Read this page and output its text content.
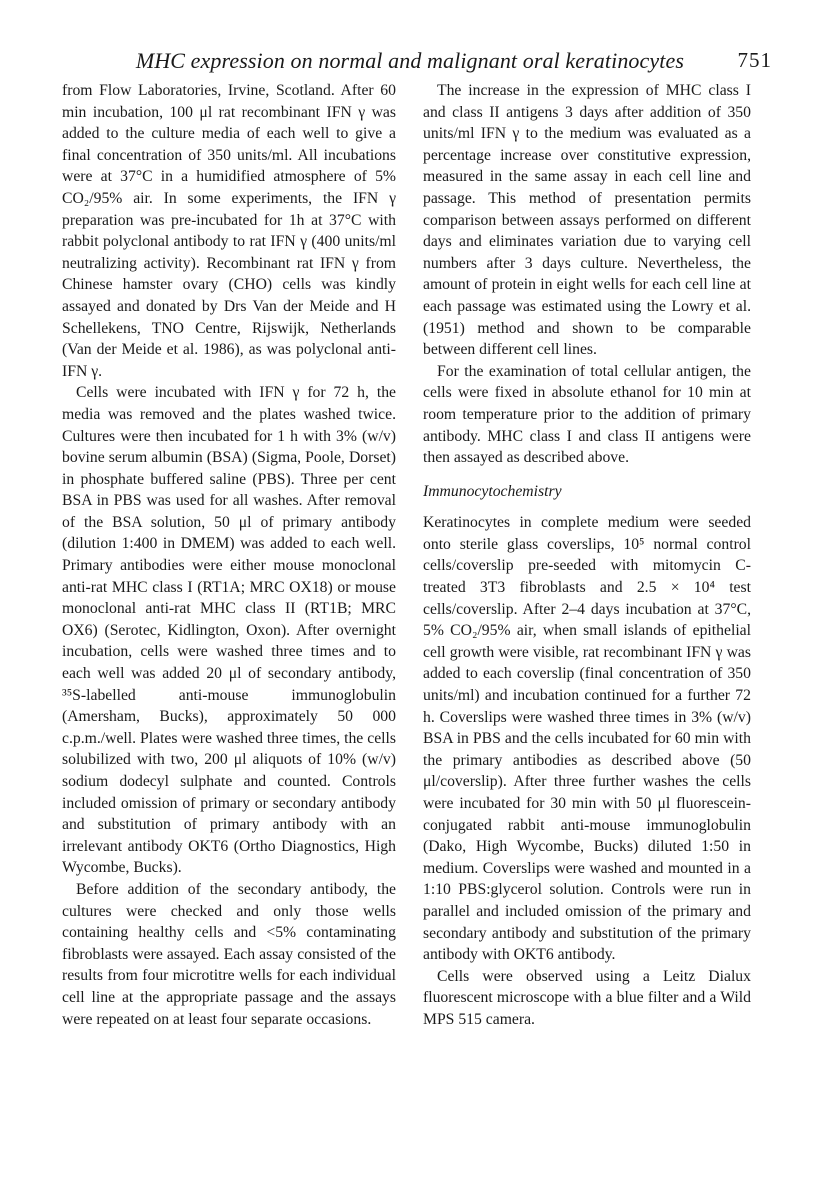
MHC expression on normal and malignant oral keratinocytes	751

from Flow Laboratories, Irvine, Scotland. After 60 min incubation, 100 μl rat recombinant IFN γ was added to the culture media of each well to give a final concentration of 350 units/ml. All incubations were at 37°C in a humidified atmosphere of 5% CO₂/95% air. In some experiments, the IFN γ preparation was pre-incubated for 1h at 37°C with rabbit polyclonal antibody to rat IFN γ (400 units/ml neutralizing activity). Recombinant rat IFN γ from Chinese hamster ovary (CHO) cells was kindly assayed and donated by Drs Van der Meide and H Schellekens, TNO Centre, Rijswijk, Netherlands (Van der Meide et al. 1986), as was polyclonal anti-IFN γ.

Cells were incubated with IFN γ for 72 h, the media was removed and the plates washed twice. Cultures were then incubated for 1 h with 3% (w/v) bovine serum albumin (BSA) (Sigma, Poole, Dorset) in phosphate buffered saline (PBS). Three per cent BSA in PBS was used for all washes. After removal of the BSA solution, 50 μl of primary antibody (dilution 1:400 in DMEM) was added to each well. Primary antibodies were either mouse monoclonal anti-rat MHC class I (RT1A; MRC OX18) or mouse monoclonal anti-rat MHC class II (RT1B; MRC OX6) (Serotec, Kidlington, Oxon). After overnight incubation, cells were washed three times and to each well was added 20 μl of secondary antibody, ³⁵S-labelled anti-mouse immunoglobulin (Amersham, Bucks), approximately 50 000 c.p.m./well. Plates were washed three times, the cells solubilized with two, 200 μl aliquots of 10% (w/v) sodium dodecyl sulphate and counted. Controls included omission of primary or secondary antibody and substitution of primary antibody with an irrelevant antibody OKT6 (Ortho Diagnostics, High Wycombe, Bucks).

Before addition of the secondary antibody, the cultures were checked and only those wells containing healthy cells and <5% contaminating fibroblasts were assayed. Each assay consisted of the results from four microtitre wells for each individual cell line at the appropriate passage and the assays were repeated on at least four separate occasions.

The increase in the expression of MHC class I and class II antigens 3 days after addition of 350 units/ml IFN γ to the medium was evaluated as a percentage increase over constitutive expression, measured in the same assay in each cell line and passage. This method of presentation permits comparison between assays performed on different days and eliminates variation due to varying cell numbers after 3 days culture. Nevertheless, the amount of protein in eight wells for each cell line at each passage was estimated using the Lowry et al. (1951) method and shown to be comparable between different cell lines.

For the examination of total cellular antigen, the cells were fixed in absolute ethanol for 10 min at room temperature prior to the addition of primary antibody. MHC class I and class II antigens were then assayed as described above.

Immunocytochemistry

Keratinocytes in complete medium were seeded onto sterile glass coverslips, 10⁵ normal control cells/coverslip pre-seeded with mitomycin C-treated 3T3 fibroblasts and 2.5 × 10⁴ test cells/coverslip. After 2–4 days incubation at 37°C, 5% CO₂/95% air, when small islands of epithelial cell growth were visible, rat recombinant IFN γ was added to each coverslip (final concentration of 350 units/ml) and incubation continued for a further 72 h. Coverslips were washed three times in 3% (w/v) BSA in PBS and the cells incubated for 60 min with the primary antibodies as described above (50 μl/coverslip). After three further washes the cells were incubated for 30 min with 50 μl fluorescein-conjugated rabbit anti-mouse immunoglobulin (Dako, High Wycombe, Bucks) diluted 1:50 in medium. Coverslips were washed and mounted in a 1:10 PBS:glycerol solution. Controls were run in parallel and included omission of the primary and secondary antibody and substitution of the primary antibody with OKT6 antibody.

Cells were observed using a Leitz Dialux fluorescent microscope with a blue filter and a Wild MPS 515 camera.
